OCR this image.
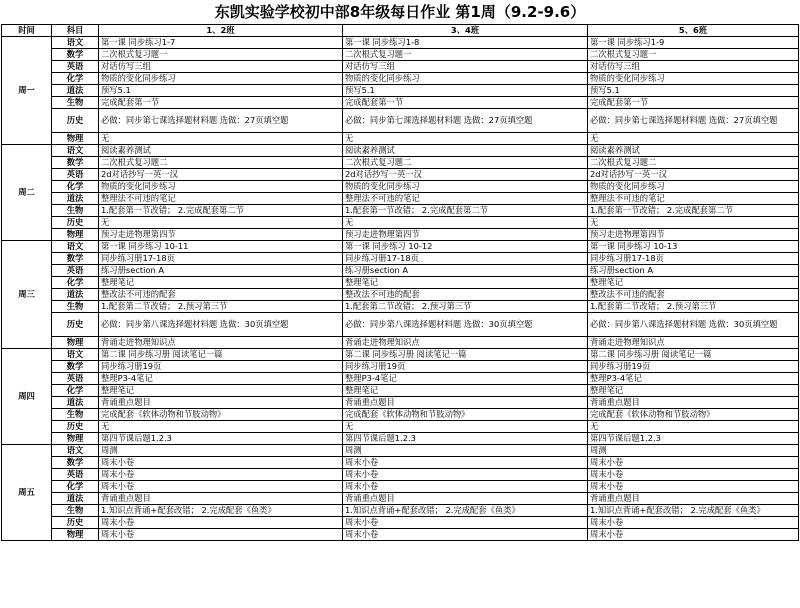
东凯实验学校初中部8年级每日作业 第1周（9.2-9.6）
时间	科目	1、2班	3、4班	5、6班
周一	语文	第一课 同步练习1-7	第一课 同步练习1-8	第一课 同步练习1-9
	数学	二次根式复习题一	二次根式复习题一	二次根式复习题一
	英语	对话仿写三组	对话仿写三组	对话仿写三组
	化学	物质的变化同步练习	物质的变化同步练习	物质的变化同步练习
	道法	预写5.1	预写5.1	预写5.1
	生物	完成配套第一节	完成配套第一节	完成配套第一节
	历史	必做：同步第七课选择题材料题 选做：27页填空题	必做：同步第七课选择题材料题 选做：27页填空题	必做：同步第七课选择题材料题 选做：27页填空题
	物理	无	无	无
周二	语文	阅读素养测试	阅读素养测试	阅读素养测试
	数学	二次根式复习题二	二次根式复习题二	二次根式复习题二
	英语	2d对话抄写一英一汉	2d对话抄写一英一汉	2d对话抄写一英一汉
	化学	物质的变化同步练习	物质的变化同步练习	物质的变化同步练习
	道法	整理法不可违的笔记	整理法不可违的笔记	整理法不可违的笔记
	生物	1.配套第一节改错； 2.完成配套第二节	1.配套第一节改错； 2.完成配套第二节	1.配套第一节改错； 2.完成配套第二节
	历史	无	无	无
	物理	预习走进物理第四节	预习走进物理第四节	预习走进物理第四节
周三	语文	第一课 同步练习 10-11	第一课 同步练习 10-12	第一课 同步练习 10-13
	数学	同步练习册17-18页	同步练习册17-18页	同步练习册17-18页
	英语	练习册section A	练习册section A	练习册section A
	化学	整理笔记	整理笔记	整理笔记
	道法	整改法不可违的配套	整改法不可违的配套	整改法不可违的配套
	生物	1.配套第二节改错； 2.预习第三节	1.配套第二节改错； 2.预习第三节	1.配套第二节改错； 2.预习第三节
	历史	必做：同步第八课选择题材料题 选做：30页填空题	必做：同步第八课选择题材料题 选做：30页填空题	必做：同步第八课选择题材料题 选做：30页填空题
	物理	背诵走进物理知识点	背诵走进物理知识点	背诵走进物理知识点
周四	语文	第二课 同步练习册 阅读笔记一篇	第二课 同步练习册 阅读笔记一篇	第二课 同步练习册 阅读笔记一篇
	数学	同步练习册19页	同步练习册19页	同步练习册19页
	英语	整理P3-4笔记	整理P3-4笔记	整理P3-4笔记
	化学	整理笔记	整理笔记	整理笔记
	道法	背诵重点题目	背诵重点题目	背诵重点题目
	生物	完成配套《软体动物和节肢动物》	完成配套《软体动物和节肢动物》	完成配套《软体动物和节肢动物》
	历史	无	无	无
	物理	第四节课后题1.2.3	第四节课后题1.2.3	第四节课后题1.2.3
周五	语文	周测	周测	周测
	数学	周末小卷	周末小卷	周末小卷
	英语	周末小卷	周末小卷	周末小卷
	化学	周末小卷	周末小卷	周末小卷
	道法	背诵重点题目	背诵重点题目	背诵重点题目
	生物	1.知识点背诵+配套改错； 2.完成配套《鱼类》	1.知识点背诵+配套改错； 2.完成配套《鱼类》	1.知识点背诵+配套改错； 2.完成配套《鱼类》
	历史	周末小卷	周末小卷	周末小卷
	物理	周末小卷	周末小卷	周末小卷
